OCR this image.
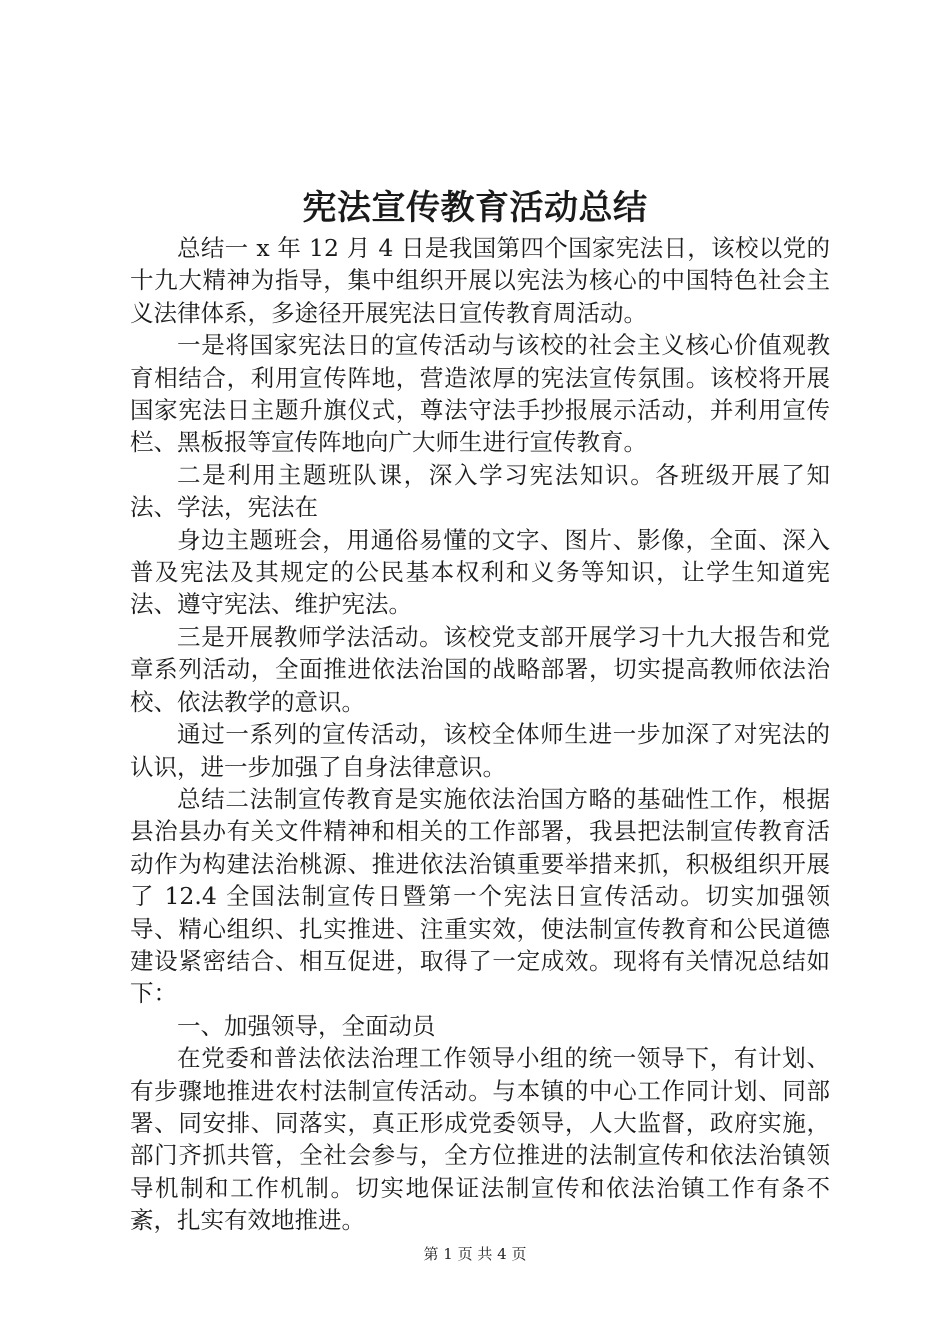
宪法宣传教育活动总结

总结一 x 年 12 月 4 日是我国第四个国家宪法日，该校以党的十九大精神为指导，集中组织开展以宪法为核心的中国特色社会主义法律体系，多途径开展宪法日宣传教育周活动。

一是将国家宪法日的宣传活动与该校的社会主义核心价值观教育相结合，利用宣传阵地，营造浓厚的宪法宣传氛围。该校将开展国家宪法日主题升旗仪式，尊法守法手抄报展示活动，并利用宣传栏、黑板报等宣传阵地向广大师生进行宣传教育。

二是利用主题班队课，深入学习宪法知识。各班级开展了知法、学法，宪法在

身边主题班会，用通俗易懂的文字、图片、影像，全面、深入普及宪法及其规定的公民基本权利和义务等知识，让学生知道宪法、遵守宪法、维护宪法。

三是开展教师学法活动。该校党支部开展学习十九大报告和党章系列活动，全面推进依法治国的战略部署，切实提高教师依法治校、依法教学的意识。

通过一系列的宣传活动，该校全体师生进一步加深了对宪法的认识，进一步加强了自身法律意识。

总结二法制宣传教育是实施依法治国方略的基础性工作，根据县治县办有关文件精神和相关的工作部署，我县把法制宣传教育活动作为构建法治桃源、推进依法治镇重要举措来抓，积极组织开展了 12.4 全国法制宣传日暨第一个宪法日宣传活动。切实加强领导、精心组织、扎实推进、注重实效，使法制宣传教育和公民道德建设紧密结合、相互促进，取得了一定成效。现将有关情况总结如下：

一、加强领导，全面动员

在党委和普法依法治理工作领导小组的统一领导下，有计划、有步骤地推进农村法制宣传活动。与本镇的中心工作同计划、同部署、同安排、同落实，真正形成党委领导，人大监督，政府实施，部门齐抓共管，全社会参与，全方位推进的法制宣传和依法治镇领导机制和工作机制。切实地保证法制宣传和依法治镇工作有条不紊，扎实有效地推进。

第 1 页 共 4 页
